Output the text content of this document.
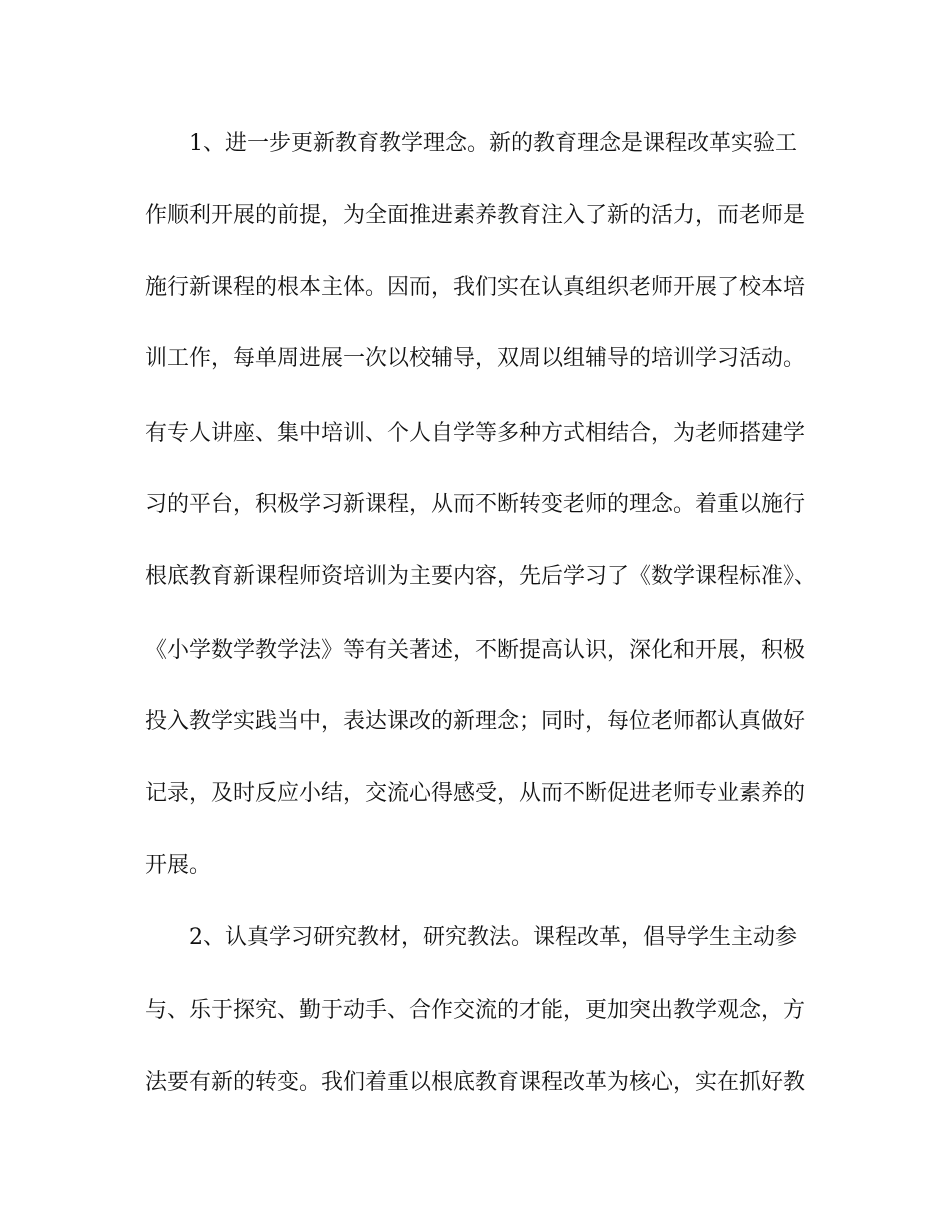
1、进一步更新教育教学理念。新的教育理念是课程改革实验工
作顺利开展的前提，为全面推进素养教育注入了新的活力，而老师是
施行新课程的根本主体。因而，我们实在认真组织老师开展了校本培
训工作，每单周进展一次以校辅导，双周以组辅导的培训学习活动。
有专人讲座、集中培训、个人自学等多种方式相结合，为老师搭建学
习的平台，积极学习新课程，从而不断转变老师的理念。着重以施行
根底教育新课程师资培训为主要内容，先后学习了《数学课程标准》、
《小学数学教学法》等有关著述，不断提高认识，深化和开展，积极
投入教学实践当中，表达课改的新理念；同时，每位老师都认真做好
记录，及时反应小结，交流心得感受，从而不断促进老师专业素养的
开展。
2、认真学习研究教材，研究教法。课程改革，倡导学生主动参
与、乐于探究、勤于动手、合作交流的才能，更加突出教学观念，方
法要有新的转变。我们着重以根底教育课程改革为核心，实在抓好教
